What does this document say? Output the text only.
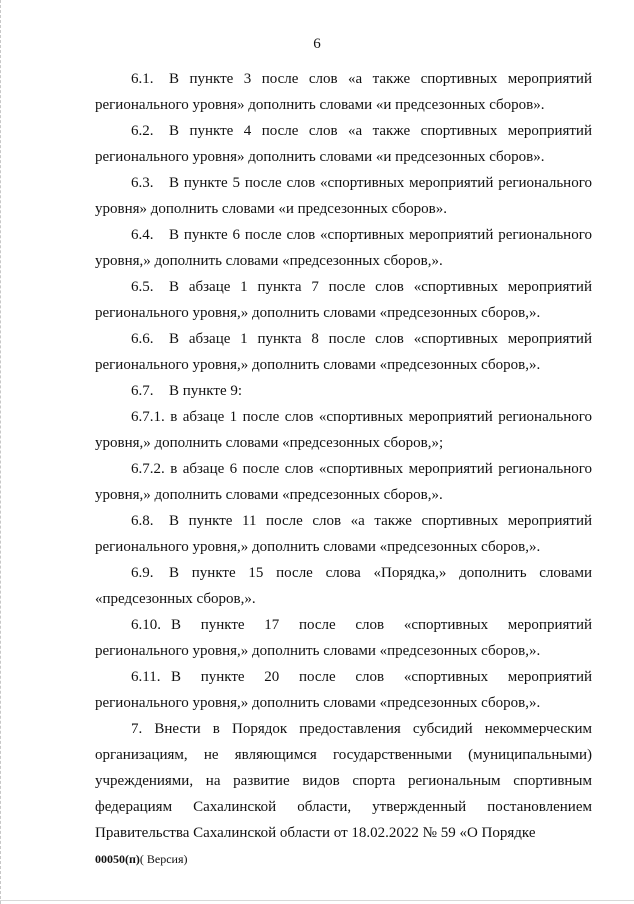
6

6.1. В пункте 3 после слов «а также спортивных мероприятий регионального уровня» дополнить словами «и предсезонных сборов».

6.2. В пункте 4 после слов «а также спортивных мероприятий регионального уровня» дополнить словами «и предсезонных сборов».

6.3. В пункте 5 после слов «спортивных мероприятий регионального уровня» дополнить словами «и предсезонных сборов».

6.4. В пункте 6 после слов «спортивных мероприятий регионального уровня,» дополнить словами «предсезонных сборов,».

6.5. В абзаце 1 пункта 7 после слов «спортивных мероприятий регионального уровня,» дополнить словами «предсезонных сборов,».

6.6. В абзаце 1 пункта 8 после слов «спортивных мероприятий регионального уровня,» дополнить словами «предсезонных сборов,».

6.7. В пункте 9:

6.7.1. в абзаце 1 после слов «спортивных мероприятий регионального уровня,» дополнить словами «предсезонных сборов,»;

6.7.2. в абзаце 6 после слов «спортивных мероприятий регионального уровня,» дополнить словами «предсезонных сборов,».

6.8. В пункте 11 после слов «а также спортивных мероприятий регионального уровня,» дополнить словами «предсезонных сборов,».

6.9. В пункте 15 после слова «Порядка,» дополнить словами «предсезонных сборов,».

6.10. В пункте 17 после слов «спортивных мероприятий регионального уровня,» дополнить словами «предсезонных сборов,».

6.11. В пункте 20 после слов «спортивных мероприятий регионального уровня,» дополнить словами «предсезонных сборов,».

7. Внести в Порядок предоставления субсидий некоммерческим организациям, не являющимся государственными (муниципальными) учреждениями, на развитие видов спорта региональным спортивным федерациям Сахалинской области, утвержденный постановлением Правительства Сахалинской области от 18.02.2022 № 59 «О Порядке

00050(п)( Версия)
